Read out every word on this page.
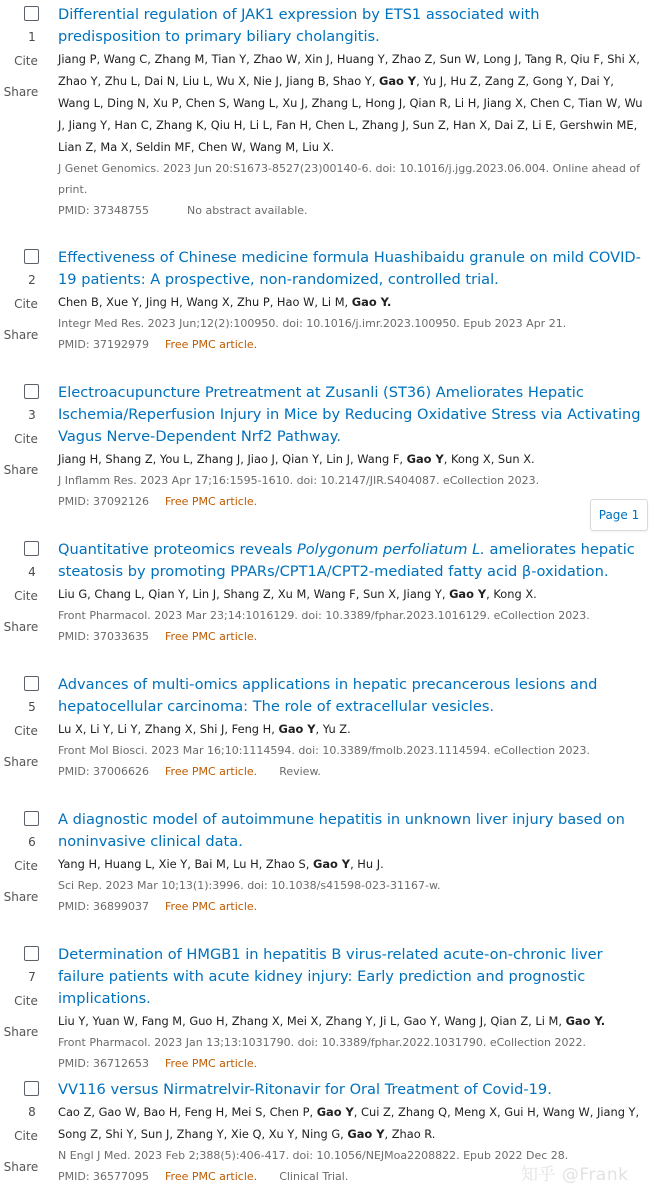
1
Cite
Share
Differential regulation of JAK1 expression by ETS1 associated with predisposition to primary biliary cholangitis.
Jiang P, Wang C, Zhang M, Tian Y, Zhao W, Xin J, Huang Y, Zhao Z, Sun W, Long J, Tang R, Qiu F, Shi X, Zhao Y, Zhu L, Dai N, Liu L, Wu X, Nie J, Jiang B, Shao Y, Gao Y, Yu J, Hu Z, Zang Z, Gong Y, Dai Y, Wang L, Ding N, Xu P, Chen S, Wang L, Xu J, Zhang L, Hong J, Qian R, Li H, Jiang X, Chen C, Tian W, Wu J, Jiang Y, Han C, Zhang K, Qiu H, Li L, Fan H, Chen L, Zhang J, Sun Z, Han X, Dai Z, Li E, Gershwin ME, Lian Z, Ma X, Seldin MF, Chen W, Wang M, Liu X.
J Genet Genomics. 2023 Jun 20:S1673-8527(23)00140-6. doi: 10.1016/j.jgg.2023.06.004. Online ahead of print.
PMID: 37348755	No abstract available.
2
Cite
Share
Effectiveness of Chinese medicine formula Huashibaidu granule on mild COVID-19 patients: A prospective, non-randomized, controlled trial.
Chen B, Xue Y, Jing H, Wang X, Zhu P, Hao W, Li M, Gao Y.
Integr Med Res. 2023 Jun;12(2):100950. doi: 10.1016/j.imr.2023.100950. Epub 2023 Apr 21.
PMID: 37192979 Free PMC article.
3
Cite
Share
Electroacupuncture Pretreatment at Zusanli (ST36) Ameliorates Hepatic Ischemia/Reperfusion Injury in Mice by Reducing Oxidative Stress via Activating Vagus Nerve-Dependent Nrf2 Pathway.
Jiang H, Shang Z, You L, Zhang J, Jiao J, Qian Y, Lin J, Wang F, Gao Y, Kong X, Sun X.
J Inflamm Res. 2023 Apr 17;16:1595-1610. doi: 10.2147/JIR.S404087. eCollection 2023.
PMID: 37092126 Free PMC article.
4
Cite
Share
Quantitative proteomics reveals Polygonum perfoliatum L. ameliorates hepatic steatosis by promoting PPARs/CPT1A/CPT2-mediated fatty acid β-oxidation.
Liu G, Chang L, Qian Y, Lin J, Shang Z, Xu M, Wang F, Sun X, Jiang Y, Gao Y, Kong X.
Front Pharmacol. 2023 Mar 23;14:1016129. doi: 10.3389/fphar.2023.1016129. eCollection 2023.
PMID: 37033635 Free PMC article.
5
Cite
Share
Advances of multi-omics applications in hepatic precancerous lesions and hepatocellular carcinoma: The role of extracellular vesicles.
Lu X, Li Y, Li Y, Zhang X, Shi J, Feng H, Gao Y, Yu Z.
Front Mol Biosci. 2023 Mar 16;10:1114594. doi: 10.3389/fmolb.2023.1114594. eCollection 2023.
PMID: 37006626 Free PMC article. Review.
6
Cite
Share
A diagnostic model of autoimmune hepatitis in unknown liver injury based on noninvasive clinical data.
Yang H, Huang L, Xie Y, Bai M, Lu H, Zhao S, Gao Y, Hu J.
Sci Rep. 2023 Mar 10;13(1):3996. doi: 10.1038/s41598-023-31167-w.
PMID: 36899037 Free PMC article.
7
Cite
Share
Determination of HMGB1 in hepatitis B virus-related acute-on-chronic liver failure patients with acute kidney injury: Early prediction and prognostic implications.
Liu Y, Yuan W, Fang M, Guo H, Zhang X, Mei X, Zhang Y, Ji L, Gao Y, Wang J, Qian Z, Li M, Gao Y.
Front Pharmacol. 2023 Jan 13;13:1031790. doi: 10.3389/fphar.2022.1031790. eCollection 2022.
PMID: 36712653 Free PMC article.
8
Cite
Share
VV116 versus Nirmatrelvir-Ritonavir for Oral Treatment of Covid-19.
Cao Z, Gao W, Bao H, Feng H, Mei S, Chen P, Gao Y, Cui Z, Zhang Q, Meng X, Gui H, Wang W, Jiang Y, Song Z, Shi Y, Sun J, Zhang Y, Xie Q, Xu Y, Ning G, Gao Y, Zhao R.
N Engl J Med. 2023 Feb 2;388(5):406-417. doi: 10.1056/NEJMoa2208822. Epub 2022 Dec 28.
PMID: 36577095 Free PMC article. Clinical Trial.
Page 1
知乎 @Frank
